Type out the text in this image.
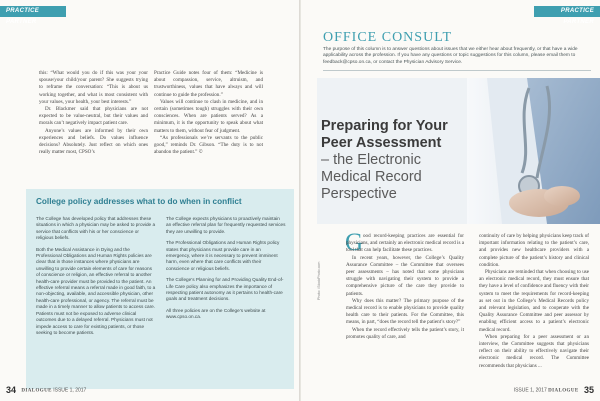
PRACTICE PARTNER

this: “What would you do if this was your your spouse/your child/your parent? She suggests trying to reframe the conversation: “This is about us working together, and what is most consistent with your values, your health, your best interests.”

Dr. Blackmer said that physicians are not expected to be value-neutral, but their values and morals can’t negatively impact patient care.

Anyone’s values are informed by their own experiences and beliefs. Do values influence decisions? Absolutely. Just reflect on which ones really matter most, CPSO’s

Practice Guide notes four of them: “Medicine is about compassion, service, altruism, and trustworthiness, values that have always and will continue to guide the profession.”

Values will continue to clash in medicine, and in certain (sometimes tough) struggles with their own consciences. When are patients served? As a minimum, it is the opportunity to speak about what matters to them, without fear of judgment.

“As professionals we’re servants to the public good,” reminds Dr. Gibson. “The duty is to not abandon the patient.” ©

College policy addresses what to do when in conflict

The College has developed policy that addresses these situations in which a physician may be asked to provide a service that conflicts with his or her conscience or religious beliefs.

Both the Medical Assistance in Dying and the Professional Obligations and Human Rights policies are clear that in those instances where physicians are unwilling to provide certain elements of care for reasons of conscience or religion, an effective referral to another health-care provider must be provided to the patient. An effective referral means a referral made in good faith, to a non-objecting, available, and accessible physician, other health-care professional, or agency. The referral must be made in a timely manner to allow patients to access care. Patients must not be exposed to adverse clinical outcomes due to a delayed referral. Physicians must not impede access to care for existing patients, or those seeking to become patients.

The College expects physicians to proactively maintain an effective referral plan for frequently requested services they are unwilling to provide.

The Professional Obligations and Human Rights policy states that physicians must provide care in an emergency, where it is necessary to prevent imminent harm, even where that care conflicts with their conscience or religious beliefs.

The College’s Planning for and Providing Quality End-of-Life Care policy also emphasizes the importance of respecting patient autonomy as it pertains to health-care goals and treatment decisions.

All three policies are on the College’s website at www.cpso.on.ca.

34 DIALOGUE ISSUE 1, 2017
PRACTICE PARTNER
OFFICE CONSULT
The purpose of this column is to answer questions about issues that we either hear about frequently, or that have a wide applicability across the profession. If you have any questions or topic suggestions for this column, please email them to feedback@cpso.on.ca, or contact the Physician Advisory Service.
Preparing for Your Peer Assessment
– the Electronic Medical Record Perspective
Photo: iStockPhoto.com
G ood record-keeping practices are essential for physicians, and certainly an electronic medical record is a tool that can help facilitate these practices.

In recent years, however, the College’s Quality Assurance Committee – the Committee that oversees peer assessments – has noted that some physicians struggle with navigating their system to provide a comprehensive picture of the care they provide to patients.

Why does this matter? The primary purpose of the medical record is to enable physicians to provide quality health care to their patients. For the Committee, this means, in part, “does the record tell the patient’s story?”

When the record effectively tells the patient’s story, it promotes quality of care, and

continuity of care by helping physicians keep track of important information relating to the patient’s care, and provides new healthcare providers with a complete picture of the patient’s history and clinical condition.

Physicians are reminded that when choosing to use an electronic medical record, they must ensure that they have a level of confidence and fluency with their system to meet the requirements for record-keeping as set out in the College’s Medical Records policy and relevant legislation, and to cooperate with the Quality Assurance Committee and peer assessor by enabling efficient access to a patient’s electronic medical record.

When preparing for a peer assessment or an interview, the Committee suggests that physicians reflect on their ability to effectively navigate their electronic medical record. The Committee recommends that physicians ...

ISSUE 1, 2017 DIALOGUE 35
